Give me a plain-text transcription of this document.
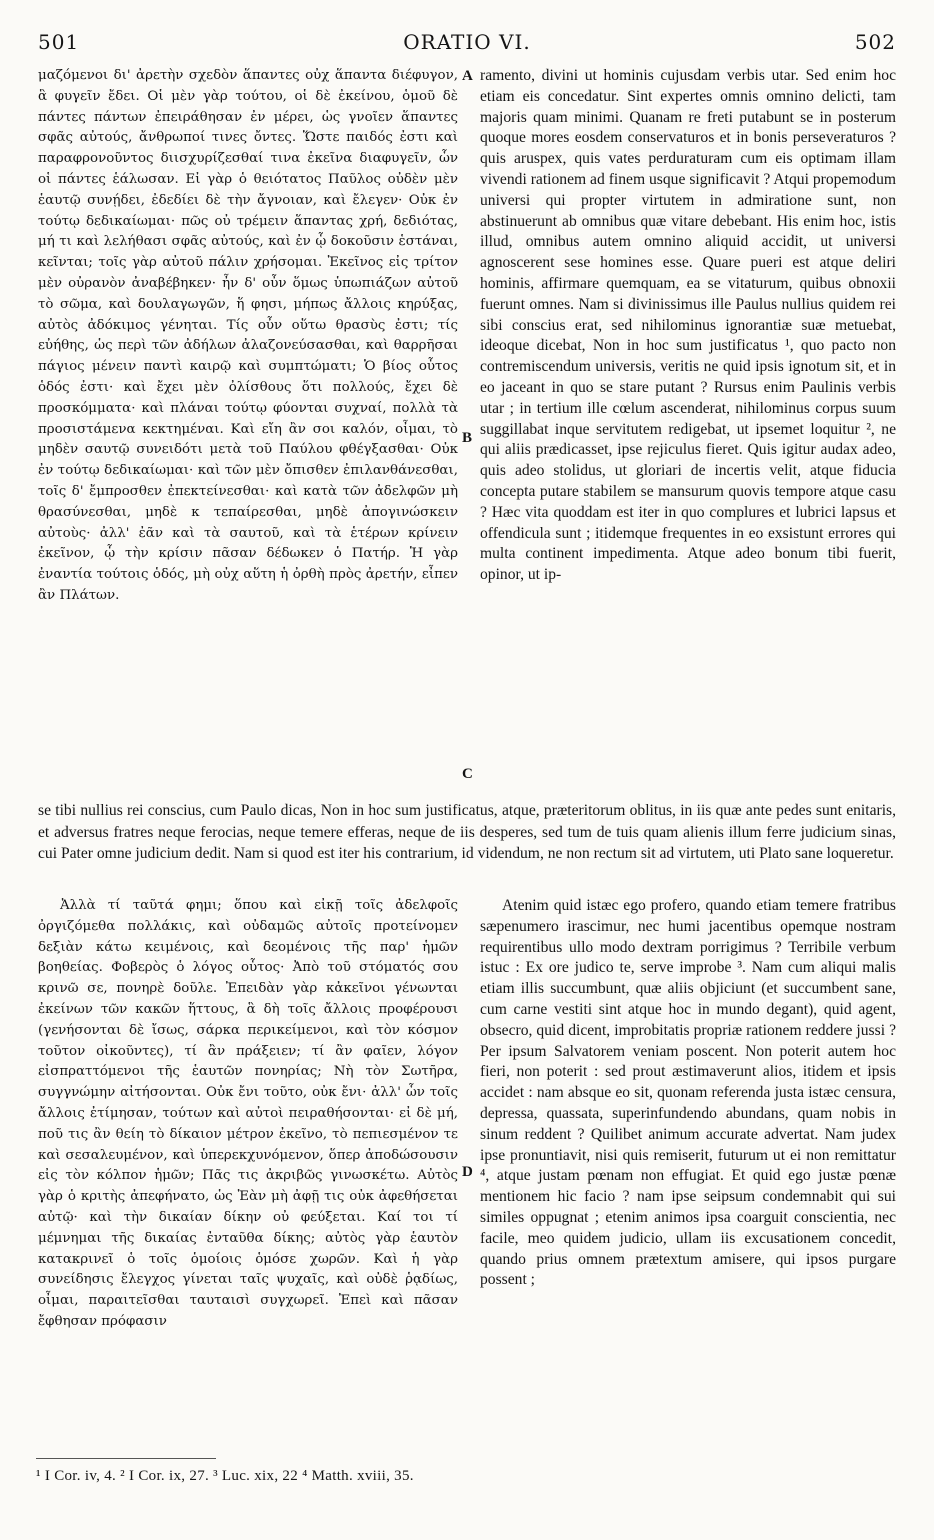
501	ORATIO VI.	502

μαζόμενοι δι' ἀρετὴν σχεδὸν ἅπαντες οὐχ ἅπαντα διέφυγον, ἃ φυγεῖν ἔδει. Οἱ μὲν γὰρ τούτου, οἱ δὲ ἐκείνου, ὁμοῦ δὲ πάντες πάντων ἐπειράθησαν ἐν μέρει, ὡς γνοῖεν ἅπαντες σφᾶς αὐτούς, ἄνθρωποί τινες ὄντες. Ὥστε παιδός ἐστι καὶ παραφρονοῦντος διισχυρίζεσθαί τινα ἐκεῖνα διαφυγεῖν, ὧν οἱ πάντες ἑάλωσαν. Εἰ γὰρ ὁ θειότατος Παῦλος οὐδὲν μὲν ἑαυτῷ συνῄδει, ἐδεδίει δὲ τὴν ἄγνοιαν, καὶ ἔλεγεν· Οὐκ ἐν τούτῳ δεδικαίωμαι· πῶς οὐ τρέμειν ἅπαντας χρή, δεδιότας, μή τι καὶ λελήθασι σφᾶς αὐτούς, καὶ ἐν ᾧ δοκοῦσιν ἑστάναι, κεῖνται; τοῖς γὰρ αὐτοῦ πάλιν χρήσομαι. Ἐκεῖνος εἰς τρίτον μὲν οὐρανὸν ἀναβέβηκεν· ἦν δ' οὖν ὅμως ὑπωπιάζων αὐτοῦ τὸ σῶμα, καὶ δουλαγωγῶν, ἥ φησι, μήπως ἄλλοις κηρύξας, αὐτὸς ἀδόκιμος γένηται. Τίς οὖν οὕτω θρασὺς ἐστι; τίς εὐήθης, ὡς περὶ τῶν ἀδήλων ἀλαζονεύσασθαι, καὶ θαρρῆσαι πάγιος μένειν παντὶ καιρῷ καὶ συμπτώματι; Ὁ βίος οὗτος ὁδός ἐστι· καὶ ἔχει μὲν ὀλίσθους ὅτι πολλούς, ἔχει δὲ προσκόμματα· καὶ πλάναι τούτῳ φύονται συχναί, πολλὰ τὰ προσιστάμενα κεκτημέναι. Καὶ εἴη ἂν σοι καλόν, οἶμαι, τὸ μηδὲν σαυτῷ συνειδότι μετὰ τοῦ Παύλου φθέγξασθαι· Οὐκ ἐν τούτῳ δεδικαίωμαι· καὶ τῶν μὲν ὄπισθεν ἐπιλανθάνεσθαι, τοῖς δ' ἔμπροσθεν ἐπεκτείνεσθαι· καὶ κατὰ τῶν ἀδελφῶν μὴ θρασύνεσθαι, μηδὲ κ τεπαίρεσθαι, μηδὲ ἀπογινώσκειν αὐτοὺς· ἀλλ' ἐᾶν καὶ τὰ σαυτοῦ, καὶ τὰ ἑτέρων κρίνειν ἐκεῖνον, ᾧ τὴν κρίσιν πᾶσαν δέδωκεν ὁ Πατήρ. Ἡ γὰρ ἐναντία τούτοις ὁδός, μὴ οὐχ αὕτη ἡ ὀρθὴ πρὸς ἀρετήν, εἶπεν ἂν Πλάτων.

A
B
C
D

ramento, divini ut hominis cujusdam verbis utar. Sed enim hoc etiam eis concedatur. Sint expertes omnis omnino delicti, tam majoris quam minimi. Quanam re freti putabunt se in posterum quoque mores eosdem conservaturos et in bonis perseveraturos ? quis aruspex, quis vates perduraturam cum eis optimam illam vivendi rationem ad finem usque significavit ? Atqui propemodum universi qui propter virtutem in admiratione sunt, non abstinuerunt ab omnibus quæ vitare debebant. His enim hoc, istis illud, omnibus autem omnino aliquid accidit, ut universi agnoscerent sese homines esse. Quare pueri est atque deliri hominis, affirmare quemquam, ea se vitaturum, quibus obnoxii fuerunt omnes. Nam si divinissimus ille Paulus nullius quidem rei sibi conscius erat, sed nihilominus ignorantiæ suæ metuebat, ideoque dicebat, Non in hoc sum justificatus ¹, quo pacto non contremiscendum universis, veritis ne quid ipsis ignotum sit, et in eo jaceant in quo se stare putant ? Rursus enim Paulinis verbis utar ; in tertium ille cœlum ascenderat, nihilominus corpus suum suggillabat inque servitutem redigebat, ut ipsemet loquitur ², ne qui aliis prædicasset, ipse rejiculus fieret. Quis igitur audax adeo, quis adeo stolidus, ut gloriari de incertis velit, atque fiducia concepta putare stabilem se mansurum quovis tempore atque casu ? Hæc vita quoddam est iter in quo complures et lubrici lapsus et offendicula sunt ; itidemque frequentes in eo exsistunt errores qui multa continent impedimenta. Atque adeo bonum tibi fuerit, opinor, ut ip-

se tibi nullius rei conscius, cum Paulo dicas, Non in hoc sum justificatus, atque, præteritorum oblitus, in iis quæ ante pedes sunt enitaris, et adversus fratres neque ferocias, neque temere efferas, neque de iis desperes, sed tum de tuis quam alienis illum ferre judicium sinas, cui Pater omne judicium dedit. Nam si quod est iter his contrarium, id videndum, ne non rectum sit ad virtutem, uti Plato sane loqueretur.

Ἀλλὰ τί ταῦτά φημι; ὅπου καὶ εἰκῇ τοῖς ἀδελφοῖς ὀργιζόμεθα πολλάκις, καὶ οὐδαμῶς αὐτοῖς προτείνομεν δεξιὰν κάτω κειμένοις, καὶ δεομένοις τῆς παρ' ἡμῶν βοηθείας. Φοβερὸς ὁ λόγος οὗτος· Ἀπὸ τοῦ στόματός σου κρινῶ σε, πονηρὲ δοῦλε. Ἐπειδὰν γὰρ κἀκεῖνοι γένωνται ἐκείνων τῶν κακῶν ἥττους, ἃ δὴ τοῖς ἄλλοις προφέρουσι (γενήσονται δὲ ἴσως, σάρκα περικείμενοι, καὶ τὸν κόσμον τοῦτον οἰκοῦντες), τί ἂν πράξειεν; τί ἂν φαῖεν, λόγον εἰσπραττόμενοι τῆς ἑαυτῶν πονηρίας; Νὴ τὸν Σωτῆρα, συγγνώμην αἰτήσονται. Οὐκ ἔνι τοῦτο, οὐκ ἔνι· ἀλλ' ὧν τοῖς ἄλλοις ἐτίμησαν, τούτων καὶ αὐτοὶ πειραθήσονται· εἰ δὲ μή, ποῦ τις ἂν θείη τὸ δίκαιον μέτρον ἐκεῖνο, τὸ πεπιεσμένον τε καὶ σεσαλευμένον, καὶ ὑπερεκχυνόμενον, ὅπερ ἀποδώσουσιν εἰς τὸν κόλπον ἡμῶν; Πᾶς τις ἀκριβῶς γινωσκέτω. Αὐτὸς γὰρ ὁ κριτὴς ἀπεφήνατο, ὡς Ἐὰν μὴ ἀφῇ τις οὐκ ἀφεθήσεται αὐτῷ· καὶ τὴν δικαίαν δίκην οὐ φεύξεται. Καί τοι τί μέμνημαι τῆς δικαίας ἐνταῦθα δίκης; αὐτὸς γὰρ ἑαυτὸν κατακρινεῖ ὁ τοῖς ὁμοίοις ὁμόσε χωρῶν. Καὶ ἡ γὰρ συνείδησις ἔλεγχος γίνεται ταῖς ψυχαῖς, καὶ οὐδὲ ῥᾳδίως, οἶμαι, παραιτεῖσθαι ταυταισὶ συγχωρεῖ. Ἐπεὶ καὶ πᾶσαν ἔφθησαν πρόφασιν

Atenim quid istæc ego profero, quando etiam temere fratribus sæpenumero irascimur, nec humi jacentibus opemque nostram requirentibus ullo modo dextram porrigimus ? Terribile verbum istuc : Ex ore judico te, serve improbe ³. Nam cum aliqui malis etiam illis succumbunt, quæ aliis objiciunt (et succumbent sane, cum carne vestiti sint atque hoc in mundo degant), quid agent, obsecro, quid dicent, improbitatis propriæ rationem reddere jussi ? Per ipsum Salvatorem veniam poscent. Non poterit autem hoc fieri, non poterit : sed prout æstimaverunt alios, itidem et ipsis accidet : nam absque eo sit, quonam referenda justa istæc censura, depressa, quassata, superinfundendo abundans, quam nobis in sinum reddent ? Quilibet animum accurate advertat. Nam judex ipse pronuntiavit, nisi quis remiserit, futurum ut ei non remittatur ⁴, atque justam pœnam non effugiat. Et quid ego justæ pœnæ mentionem hic facio ? nam ipse seipsum condemnabit qui sui similes oppugnat ; etenim animos ipsa coarguit conscientia, nec facile, meo quidem judicio, ullam iis excusationem concedit, quando prius omnem prætextum amisere, qui ipsos purgare possent ;

¹ I Cor. iv, 4. ² I Cor. ix, 27. ³ Luc. xix, 22 ⁴ Matth. xviii, 35.
